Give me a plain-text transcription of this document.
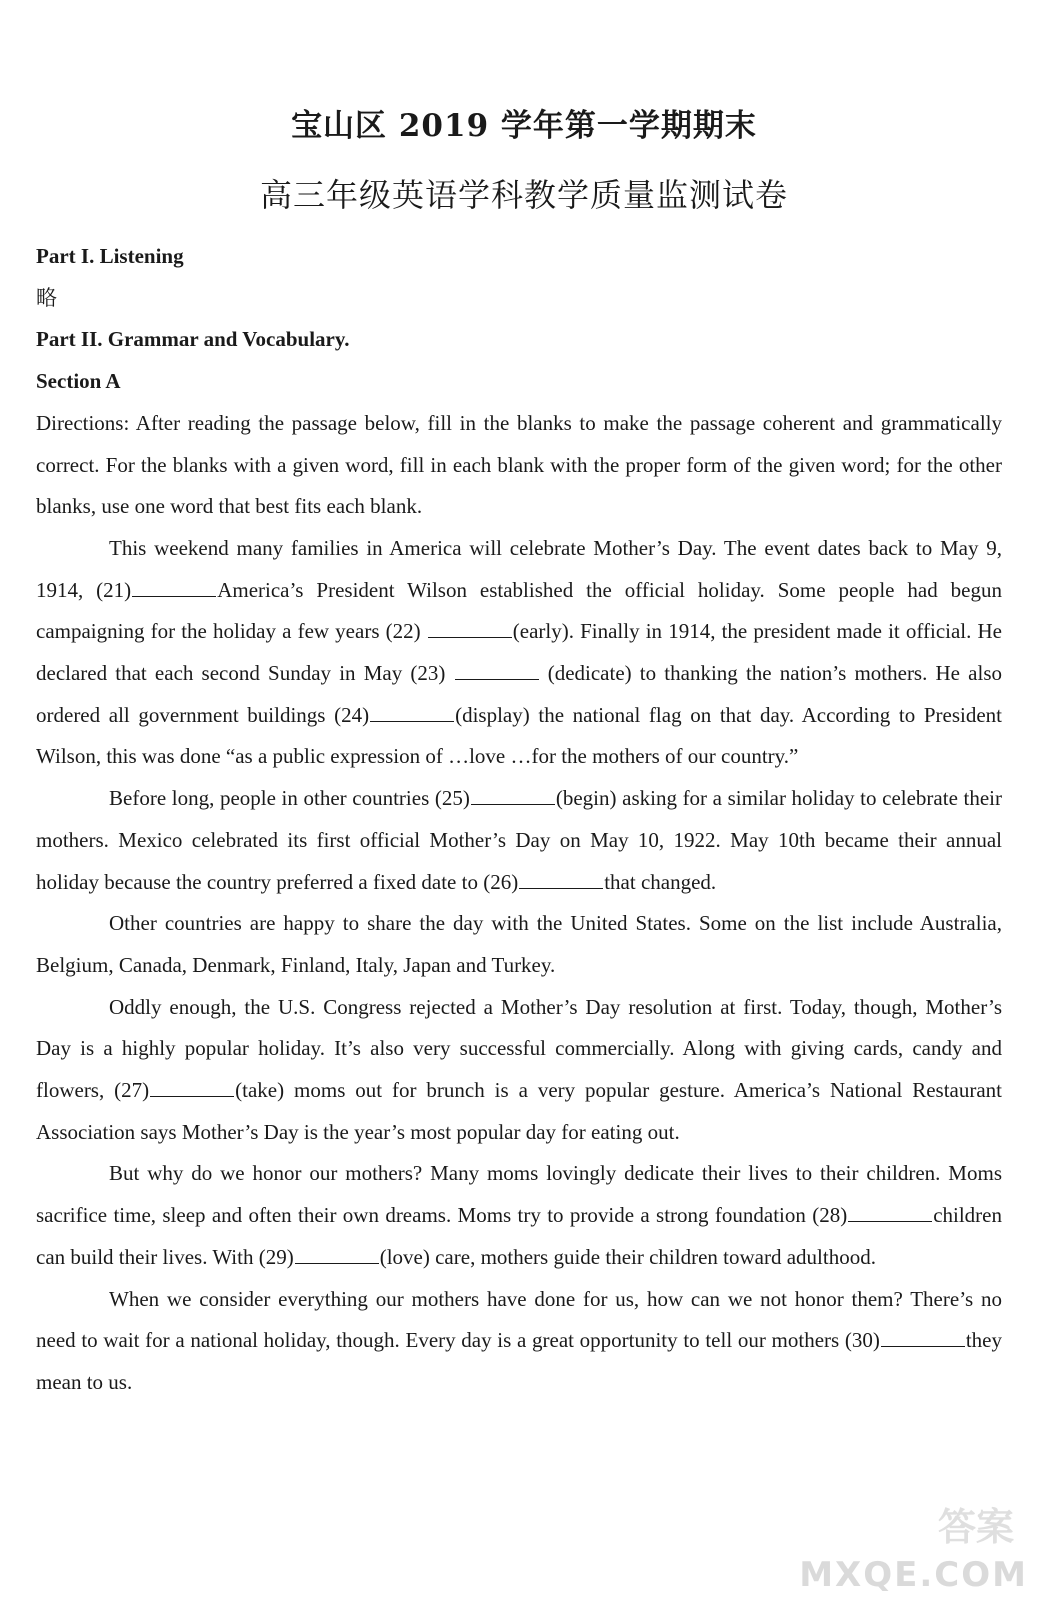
宝山区 2019 学年第一学期期末
高三年级英语学科教学质量监测试卷
Part I. Listening
略
Part II. Grammar and Vocabulary.
Section A

Directions: After reading the passage below, fill in the blanks to make the passage coherent and grammatically correct. For the blanks with a given word, fill in each blank with the proper form of the given word; for the other blanks, use one word that best fits each blank.

This weekend many families in America will celebrate Mother’s Day. The event dates back to May 9, 1914, (21)	America’s President Wilson established the official holiday. Some people had begun campaigning for the holiday a few years (22)	(early). Finally in 1914, the president made it official. He declared that each second Sunday in May (23)	(dedicate) to thanking the nation’s mothers. He also ordered all government buildings (24)	(display) the national flag on that day. According to President Wilson, this was done “as a public expression of …love …for the mothers of our country.”

Before long, people in other countries (25)	(begin) asking for a similar holiday to celebrate their mothers. Mexico celebrated its first official Mother’s Day on May 10, 1922. May 10th became their annual holiday because the country preferred a fixed date to (26)	that changed.

Other countries are happy to share the day with the United States. Some on the list include Australia, Belgium, Canada, Denmark, Finland, Italy, Japan and Turkey.

Oddly enough, the U.S. Congress rejected a Mother’s Day resolution at first. Today, though, Mother’s Day is a highly popular holiday. It’s also very successful commercially. Along with giving cards, candy and flowers, (27)	(take) moms out for brunch is a very popular gesture. America’s National Restaurant Association says Mother’s Day is the year’s most popular day for eating out.

But why do we honor our mothers? Many moms lovingly dedicate their lives to their children. Moms sacrifice time, sleep and often their own dreams. Moms try to provide a strong foundation (28)	children can build their lives. With (29)	(love) care, mothers guide their children toward adulthood.

When we consider everything our mothers have done for us, how can we not honor them? There’s no need to wait for a national holiday, though. Every day is a great opportunity to tell our mothers (30)	they mean to us.

答案
MXQE.COM
